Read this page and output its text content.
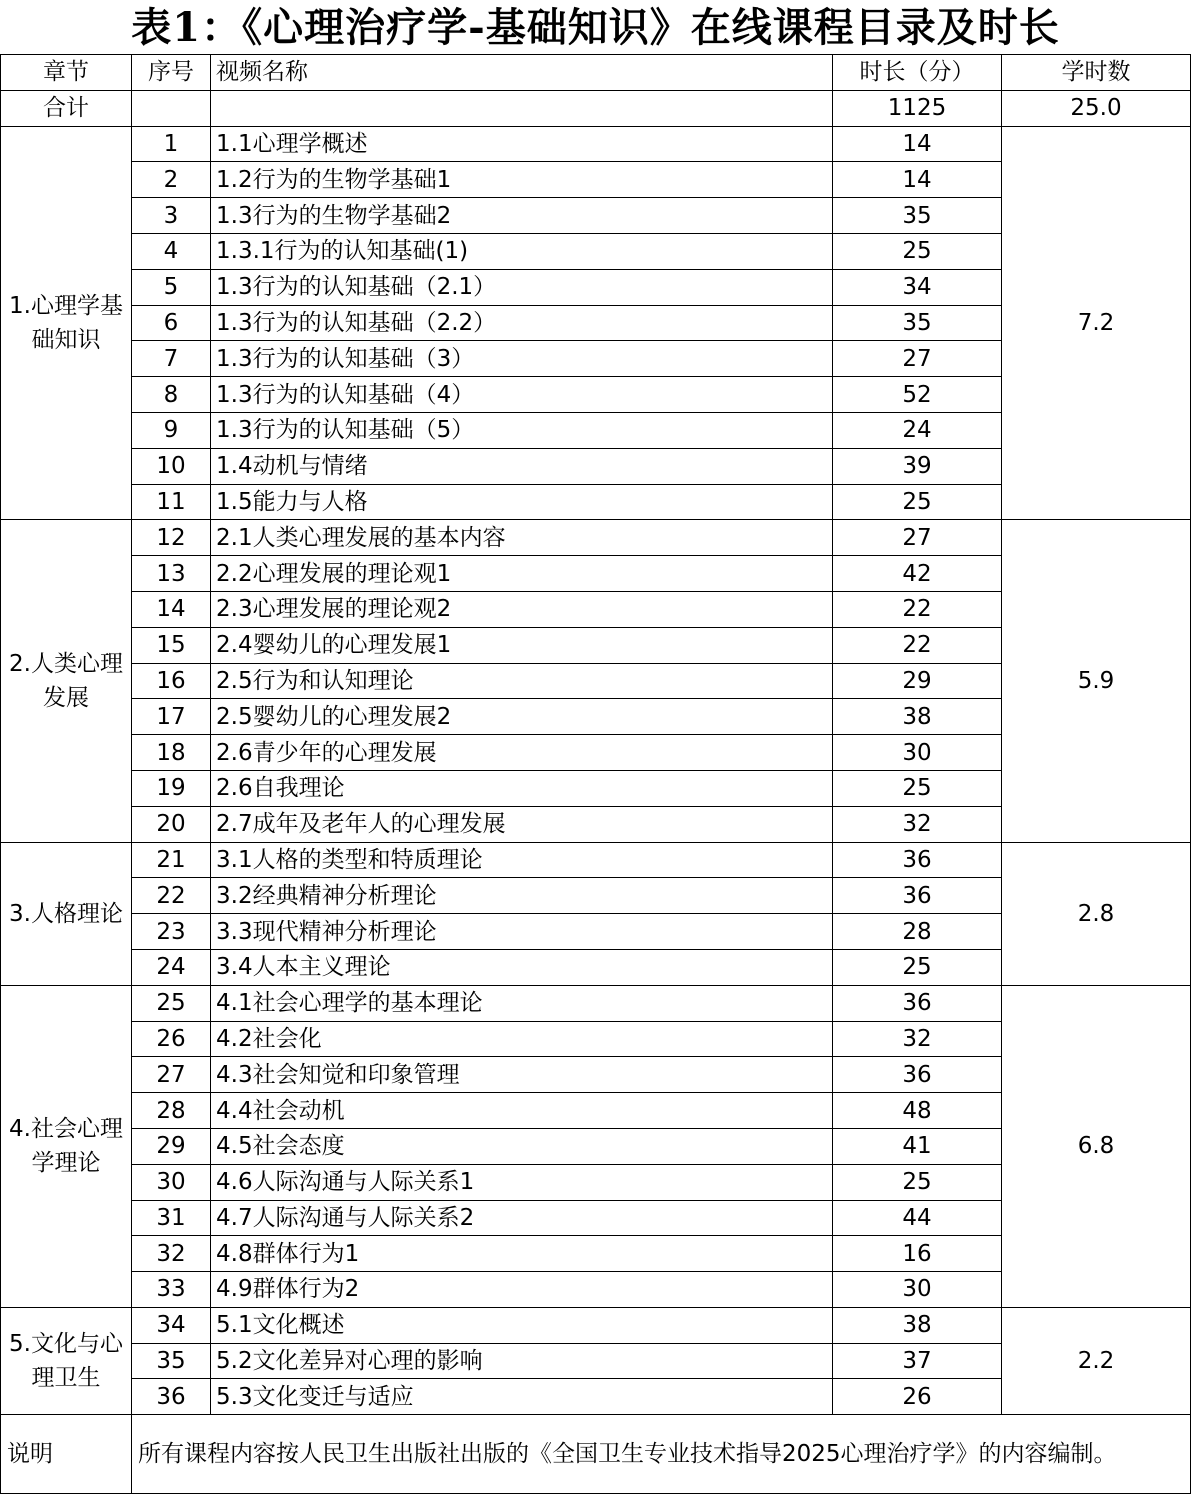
表1：《心理治疗学-基础知识》在线课程目录及时长
章节	序号	视频名称	时长（分）	学时数
合计			1125	25.0
1.心理学基础知识	1	1.1心理学概述	14	7.2
	2	1.2行为的生物学基础1	14	
	3	1.3行为的生物学基础2	35	
	4	1.3.1行为的认知基础(1)	25	
	5	1.3行为的认知基础（2.1）	34	
	6	1.3行为的认知基础（2.2）	35	
	7	1.3行为的认知基础（3）	27	
	8	1.3行为的认知基础（4）	52	
	9	1.3行为的认知基础（5）	24	
	10	1.4动机与情绪	39	
	11	1.5能力与人格	25	
2.人类心理发展	12	2.1人类心理发展的基本内容	27	5.9
	13	2.2心理发展的理论观1	42	
	14	2.3心理发展的理论观2	22	
	15	2.4婴幼儿的心理发展1	22	
	16	2.5行为和认知理论	29	
	17	2.5婴幼儿的心理发展2	38	
	18	2.6青少年的心理发展	30	
	19	2.6自我理论	25	
	20	2.7成年及老年人的心理发展	32	
3.人格理论	21	3.1人格的类型和特质理论	36	2.8
	22	3.2经典精神分析理论	36	
	23	3.3现代精神分析理论	28	
	24	3.4人本主义理论	25	
4.社会心理学理论	25	4.1社会心理学的基本理论	36	6.8
	26	4.2社会化	32	
	27	4.3社会知觉和印象管理	36	
	28	4.4社会动机	48	
	29	4.5社会态度	41	
	30	4.6人际沟通与人际关系1	25	
	31	4.7人际沟通与人际关系2	44	
	32	4.8群体行为1	16	
	33	4.9群体行为2	30	
5.文化与心理卫生	34	5.1文化概述	38	2.2
	35	5.2文化差异对心理的影响	37	
	36	5.3文化变迁与适应	26	
说明	所有课程内容按人民卫生出版社出版的《全国卫生专业技术指导2025心理治疗学》的内容编制。			
